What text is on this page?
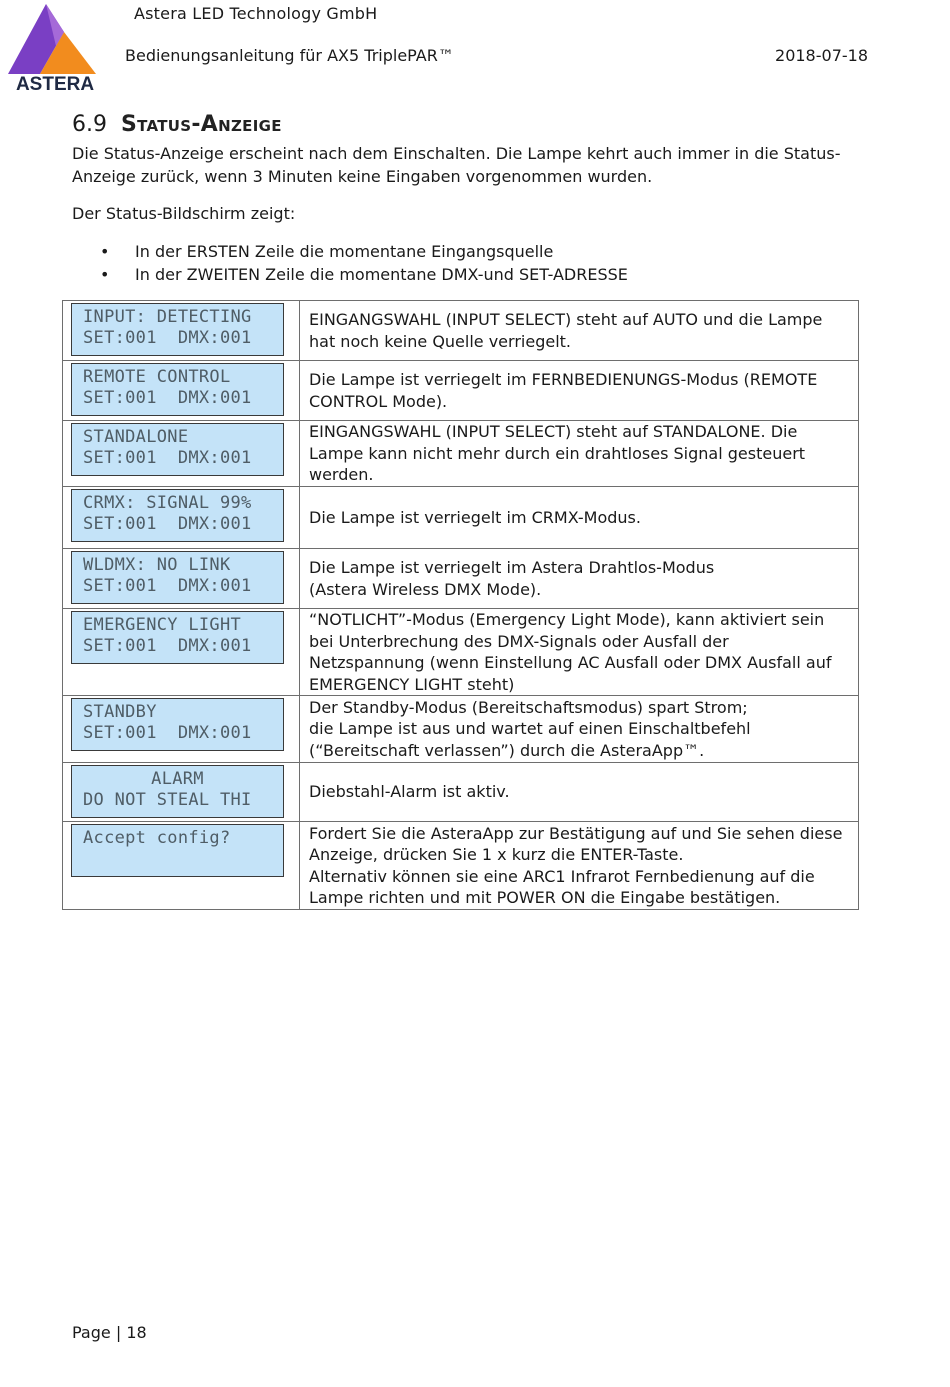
ASTERA
Astera LED Technology GmbH
Bedienungsanleitung für AX5 TriplePAR™	2018-07-18
6.9 Status-Anzeige
Die Status-Anzeige erscheint nach dem Einschalten. Die Lampe kehrt auch immer in die Status-Anzeige zurück, wenn 3 Minuten keine Eingaben vorgenommen wurden.
Der Status-Bildschirm zeigt:
• In der ERSTEN Zeile die momentane Eingangsquelle
• In der ZWEITEN Zeile die momentane DMX-und SET-ADRESSE
INPUT: DETECTING
SET:001  DMX:001	EINGANGSWAHL (INPUT SELECT) steht auf AUTO und die Lampe hat noch keine Quelle verriegelt.

REMOTE CONTROL
SET:001  DMX:001	Die Lampe ist verriegelt im FERNBEDIENUNGS-Modus (REMOTE CONTROL Mode).

STANDALONE
SET:001  DMX:001	EINGANGSWAHL (INPUT SELECT) steht auf STANDALONE. Die Lampe kann nicht mehr durch ein drahtloses Signal gesteuert werden.

CRMX: SIGNAL 99%
SET:001  DMX:001	Die Lampe ist verriegelt im CRMX-Modus.

WLDMX: NO LINK
SET:001  DMX:001	Die Lampe ist verriegelt im Astera Drahtlos-Modus
(Astera Wireless DMX Mode).

EMERGENCY LIGHT
SET:001  DMX:001	“NOTLICHT”-Modus (Emergency Light Mode), kann aktiviert sein bei Unterbrechung des DMX-Signals oder Ausfall der Netzspannung (wenn Einstellung AC Ausfall oder DMX Ausfall auf EMERGENCY LIGHT steht)

STANDBY
SET:001  DMX:001	Der Standby-Modus (Bereitschaftsmodus) spart Strom;
die Lampe ist aus und wartet auf einen Einschaltbefehl (“Bereitschaft verlassen”) durch die AsteraApp™.

ALARM
DO NOT STEAL THI	Diebstahl-Alarm ist aktiv.

Accept config?	Fordert Sie die AsteraApp zur Bestätigung auf und Sie sehen diese Anzeige, drücken Sie 1 x kurz die ENTER-Taste.
Alternativ können sie eine ARC1 Infrarot Fernbedienung auf die Lampe richten und mit POWER ON die Eingabe bestätigen.
Page | 18
